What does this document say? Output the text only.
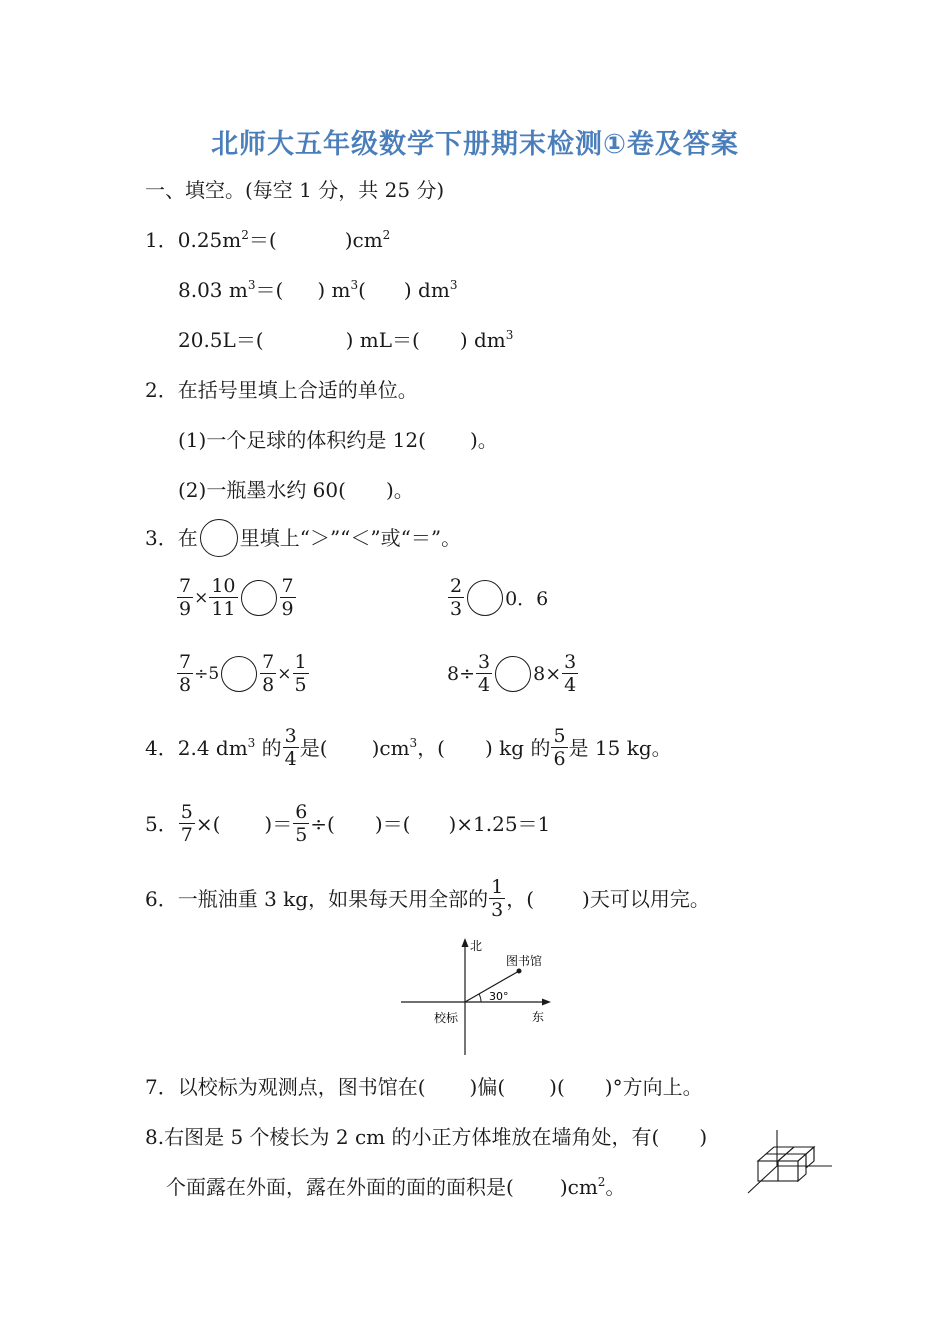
北师大五年级数学下册期末检测①卷及答案
一、填空。(每空 1 分，共 25 分)
1．$0.25m^2=$(	)$cm^2$
8.03 $m^3=$( ) $m^3$( ) $dm^3$
20.5L＝(	) mL＝( ) $dm^3$
2．在括号里填上合适的单位。
(1)一个足球的体积约是 12( )。
(2)一瓶墨水约 60( )。
3．在 里填上“＞”“＜”或“＝”。
$\frac{7}{9} \times \frac{10}{11} \frac{7}{9}$	$\frac{2}{3} 0$．6
$\frac{7}{8} \div 5 \frac{7}{8} \times \frac{1}{5}$	$8\div \frac{3}{4} 8\times \frac{3}{4}$
4．2.4 $dm^3$ 的 $\frac{3}{4}$ 是( )$cm^3$，( ) kg 的 $\frac{5}{6}$ 是 15 kg。
5． $\frac{5}{7}$ ×( )＝ $\frac{6}{5}$ ÷( )＝( )×1.25＝1
6．一瓶油重 3 kg，如果每天用全部的 $\frac{1}{3}$ ，( )天可以用完。
北
东
校标
图书馆
30°
7．以校标为观测点，图书馆在( )偏( )( )°方向上。
8.右图是 5 个棱长为 2 cm 的小正方体堆放在墙角处，有( )
个面露在外面，露在外面的面的面积是( )$cm^2$。
